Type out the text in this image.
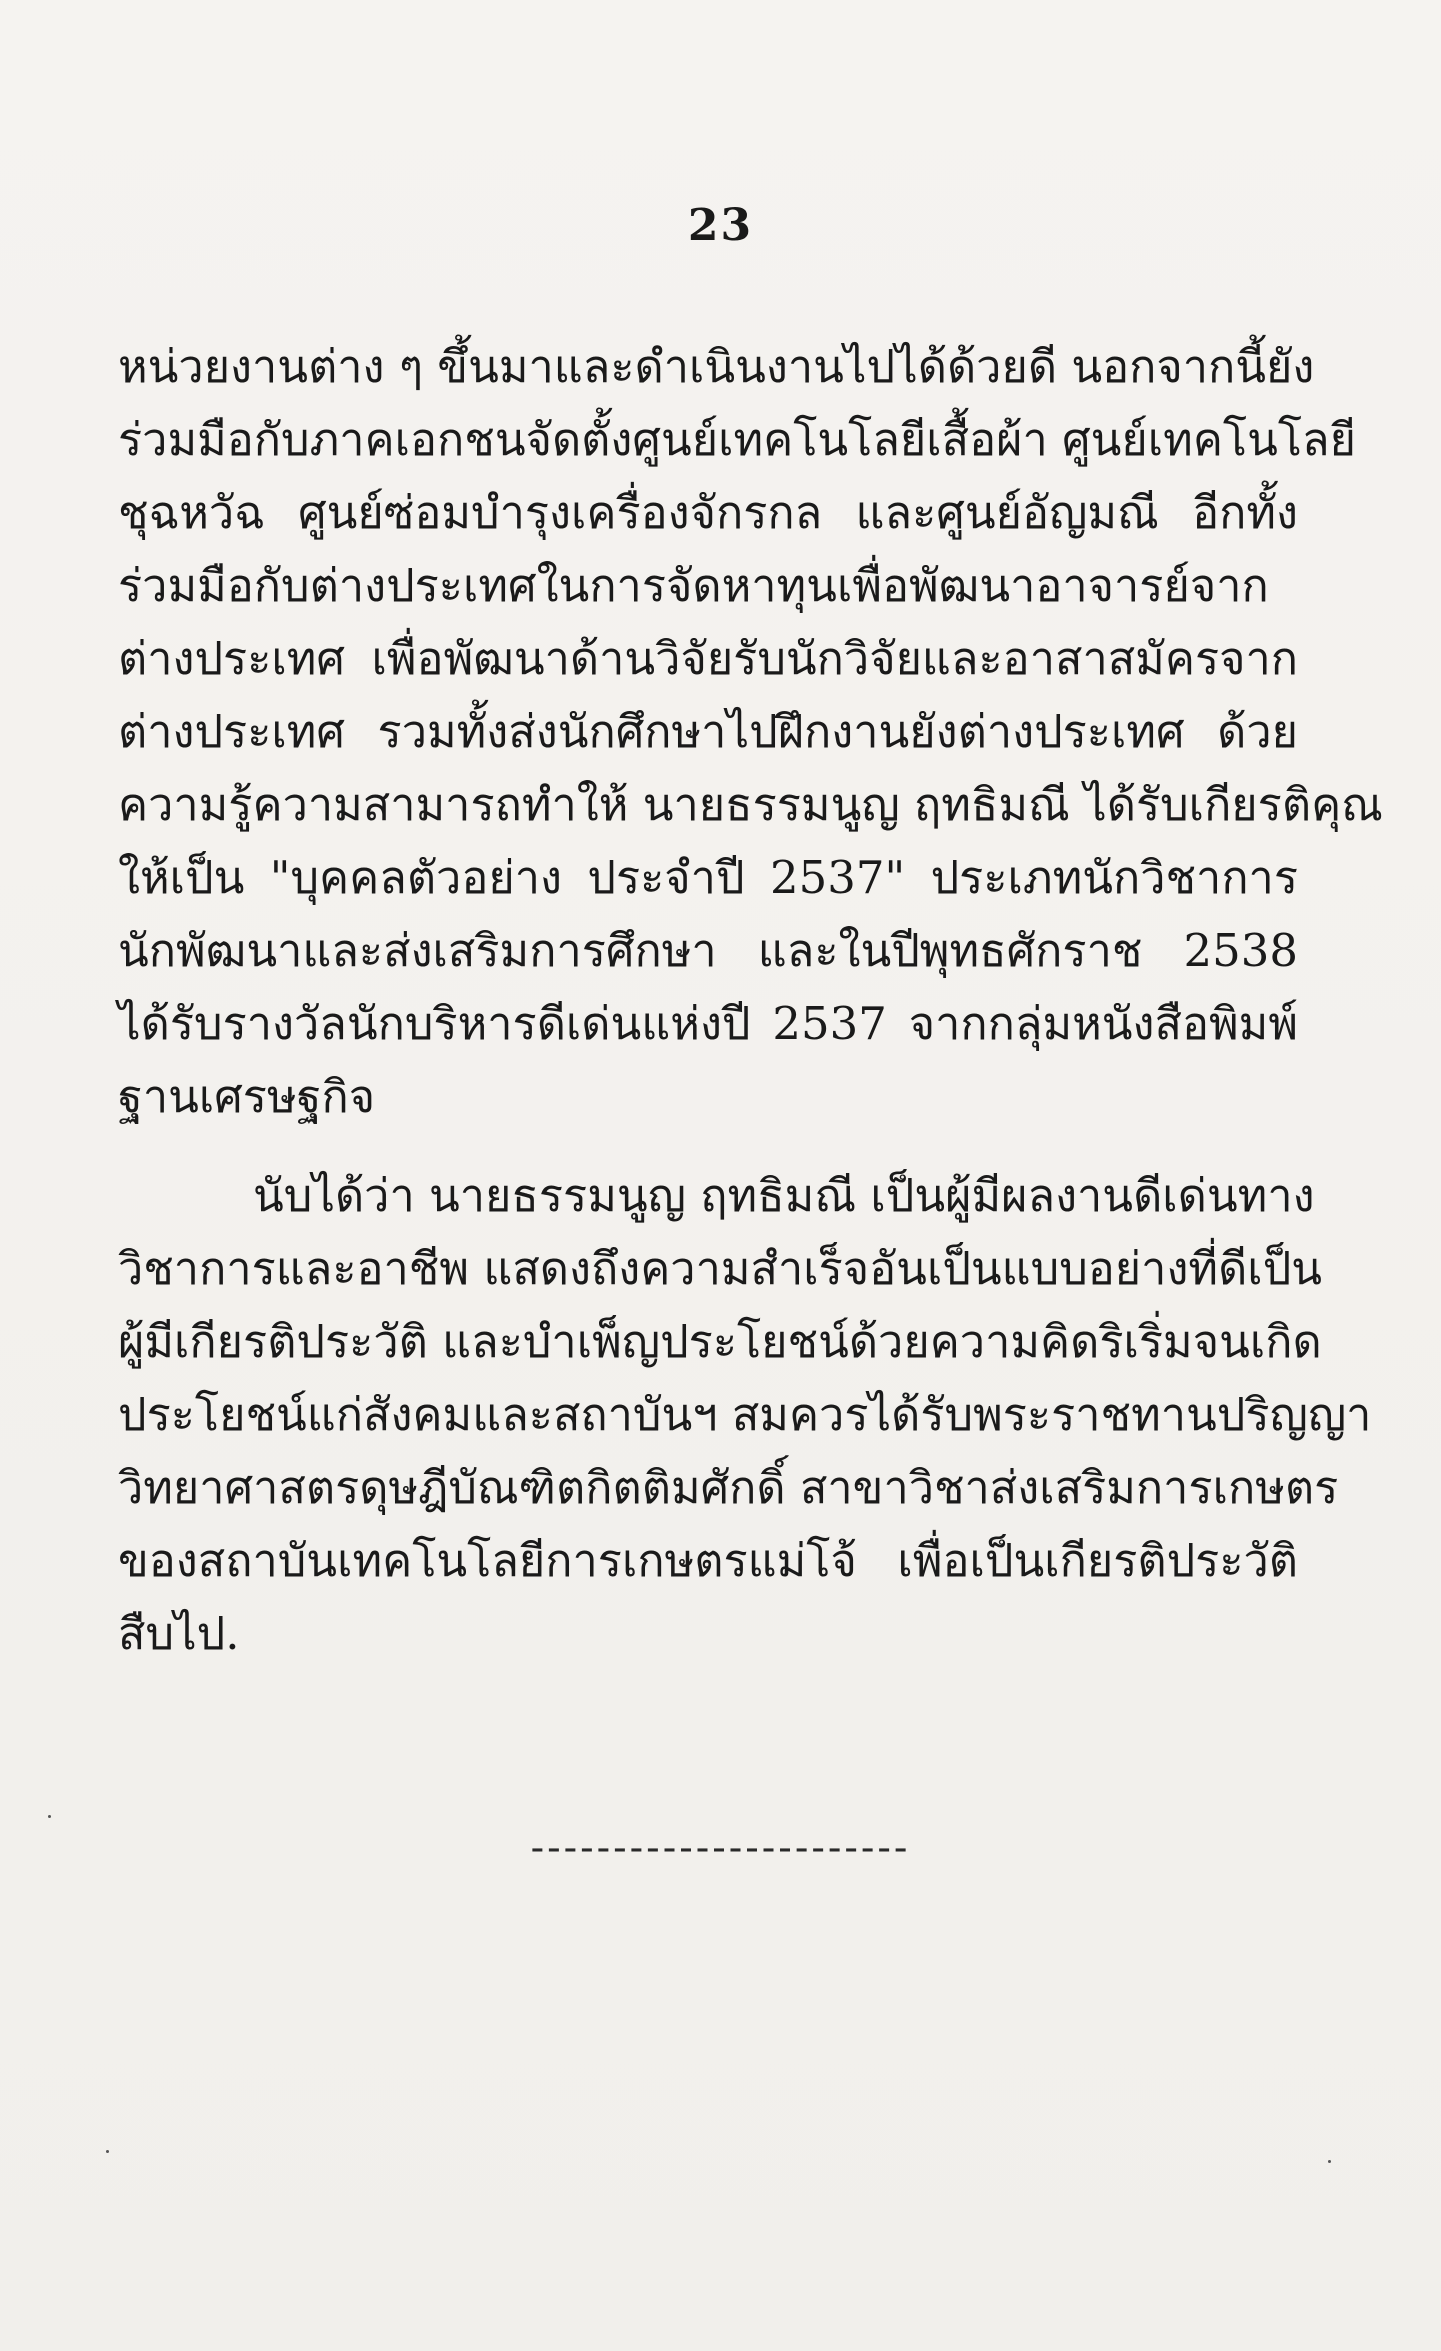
23
หน่วยงานต่าง ๆ ขึ้นมาและดำเนินงานไปได้ด้วยดี นอกจากนี้ยัง
ร่วมมือกับภาคเอกชนจัดตั้งศูนย์เทคโนโลยีเสื้อผ้า ศูนย์เทคโนโลยี
ชุฉหวัฉ ศูนย์ซ่อมบำรุงเครื่องจักรกล และศูนย์อัญมณี อีกทั้ง
ร่วมมือกับต่างประเทศในการจัดหาทุนเพื่อพัฒนาอาจารย์จาก
ต่างประเทศ เพื่อพัฒนาด้านวิจัยรับนักวิจัยและอาสาสมัครจาก
ต่างประเทศ รวมทั้งส่งนักศึกษาไปฝึกงานยังต่างประเทศ ด้วย
ความรู้ความสามารถทำให้ นายธรรมนูญ ฤทธิมณี ได้รับเกียรติคุณ
ให้เป็น "บุคคลตัวอย่าง ประจำปี 2537" ประเภทนักวิชาการ
นักพัฒนาและส่งเสริมการศึกษา และในปีพุทธศักราช 2538
ได้รับรางวัลนักบริหารดีเด่นแห่งปี 2537 จากกลุ่มหนังสือพิมพ์
ฐานเศรษฐกิจ
นับได้ว่า นายธรรมนูญ ฤทธิมณี เป็นผู้มีผลงานดีเด่นทาง
วิชาการและอาชีพ แสดงถึงความสำเร็จอันเป็นแบบอย่างที่ดีเป็น
ผู้มีเกียรติประวัติ และบำเพ็ญประโยชน์ด้วยความคิดริเริ่มจนเกิด
ประโยชน์แก่สังคมและสถาบันฯ สมควรได้รับพระราชทานปริญญา
วิทยาศาสตรดุษฎีบัณฑิตกิตติมศักดิ์ สาขาวิชาส่งเสริมการเกษตร
ของสถาบันเทคโนโลยีการเกษตรแม่โจ้ เพื่อเป็นเกียรติประวัติ
สืบไป.
-----------------------
